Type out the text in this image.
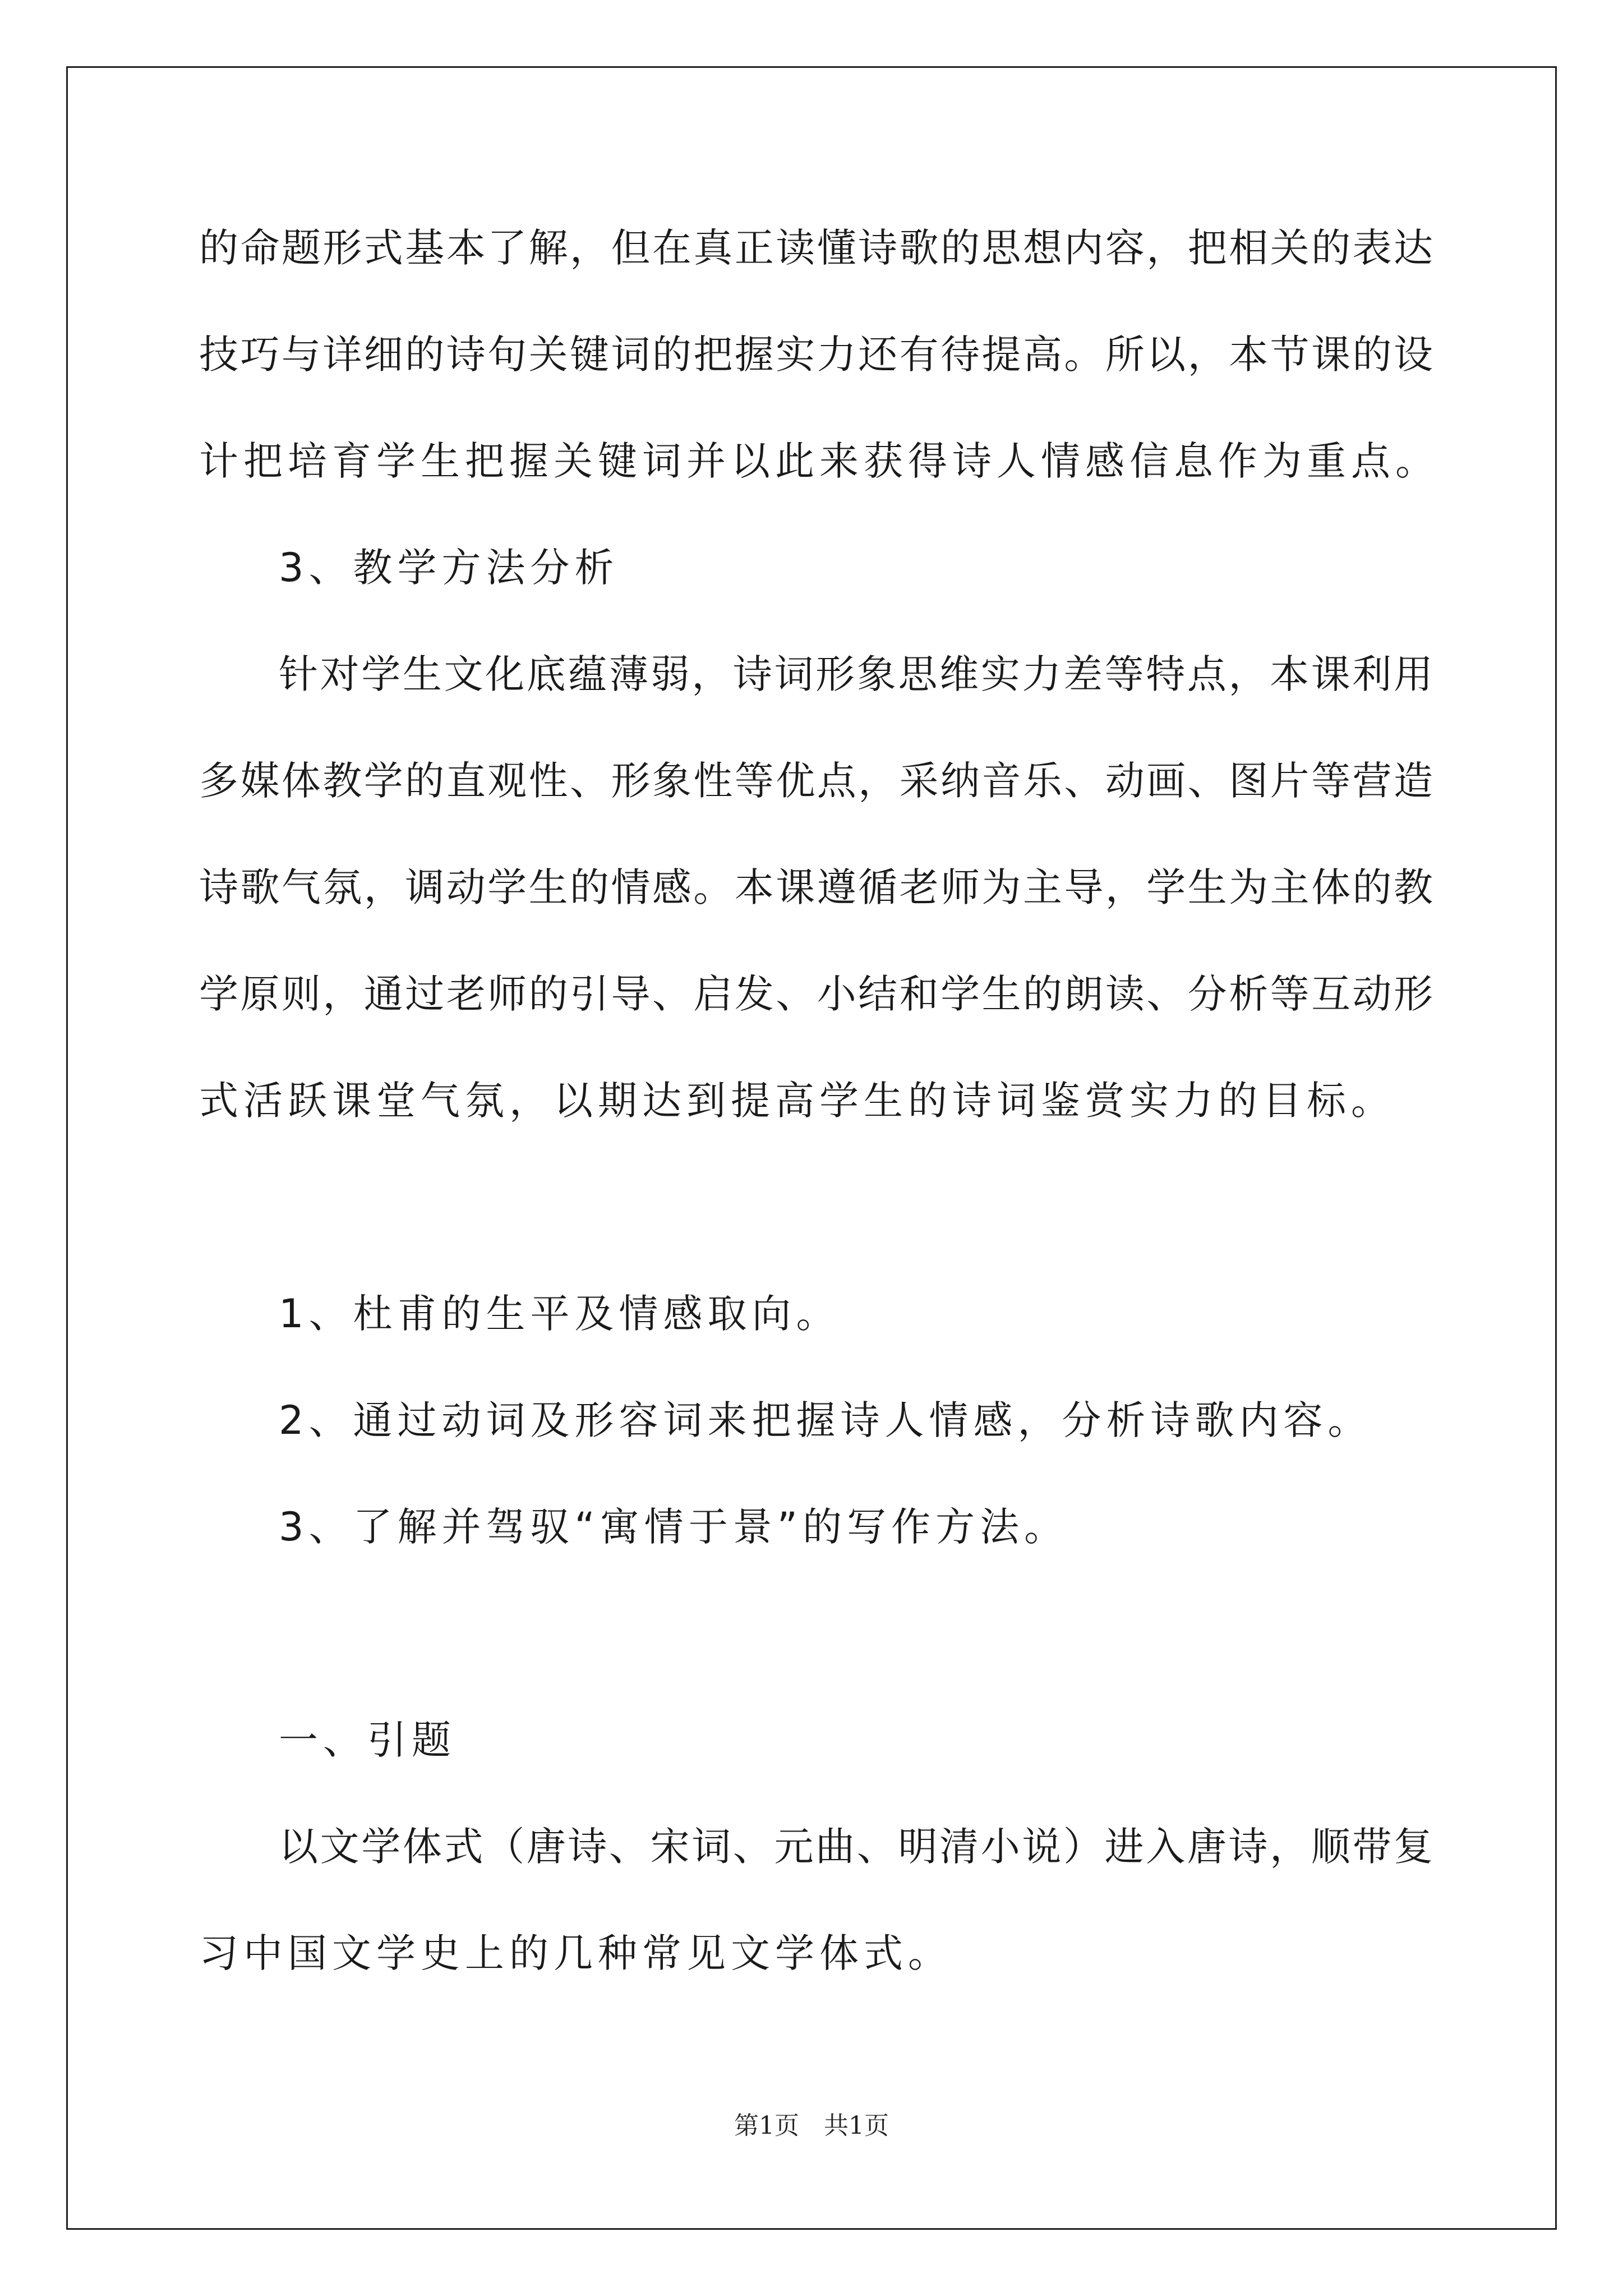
的命题形式基本了解，但在真正读懂诗歌的思想内容，把相关的表达
技巧与详细的诗句关键词的把握实力还有待提高。所以，本节课的设
计把培育学生把握关键词并以此来获得诗人情感信息作为重点。
3、教学方法分析
针对学生文化底蕴薄弱，诗词形象思维实力差等特点，本课利用
多媒体教学的直观性、形象性等优点，采纳音乐、动画、图片等营造
诗歌气氛，调动学生的情感。本课遵循老师为主导，学生为主体的教
学原则，通过老师的引导、启发、小结和学生的朗读、分析等互动形
式活跃课堂气氛，以期达到提高学生的诗词鉴赏实力的目标。
1、杜甫的生平及情感取向。
2、通过动词及形容词来把握诗人情感，分析诗歌内容。
3、了解并驾驭“寓情于景”的写作方法。
一、引题
以文学体式（唐诗、宋词、元曲、明清小说）进入唐诗，顺带复
习中国文学史上的几种常见文学体式。
第1页　共1页
